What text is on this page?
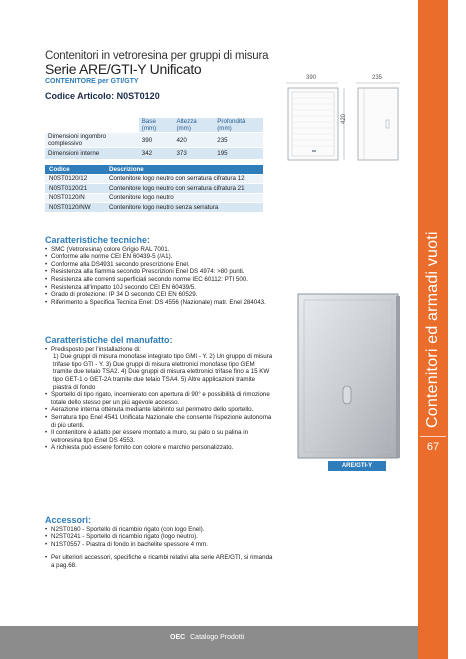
Contenitori in vetroresina per gruppi di misura
Serie ARE/GTI-Y Unificato
CONTENITORE per GTI/GTY
Codice Articolo: N0ST0120
	Base (mm)	Altezza (mm)	Profondità (mm)
Dimensioni ingombro complessivo	390	420	235
Dimensioni interne	342	373	195
Codice	Descrizione
N0ST0120/12	Contenitore logo neutro con serratura cifratura 12
N0ST0120/21	Contenitore logo neutro con serratura cifratura 21
N0ST0120/N	Contenitore logo neutro
N0ST0120/NW	Contenitore logo neutro senza serratura
Caratteristiche tecniche:
• SMC (Vetroresina) colore Grigio RAL 7001.
• Conforme alle norme CEI EN 60439-5 (/A1).
• Conforme alla DS4931 secondo prescrizione Enel.
• Resistenza alla fiamma secondo Prescrizioni Enel DS 4974: >80 punti.
• Resistenza alle correnti superficiali secondo norme IEC 60112: PTI 500.
• Resistenza all'impatto 10J secondo CEI EN 60439/5.
• Grado di protezione: IP 34 D secondo CEI EN 60529.
• Riferimento a Specifica Tecnica Enel: DS 4556 (Nazionale) matr. Enel 284043.
Caratteristiche del manufatto:
• Predisposto per l'installazione di:
1) Due gruppi di misura monofase integrato tipo GMI - Y. 2) Un gruppo di misura trifase tipo GTI - Y. 3) Due gruppi di misura elettronici monofase tipo GEM tramite due telaio TSA2. 4) Due gruppi di misura elettronici trifase fino a 15 KW tipo GET-1 o GET-2A tramite due telaio TSA4. 5) Altre applicazioni tramite piastra di fondo
• Sportello di tipo rigato, incernierato con apertura di 90° e possibilità di rimozione totale dello stesso per un più agevole accesso.
• Aerazione interna ottenuta mediante labirinto sul perimetro dello sportello.
• Serratura tipo Enel 4541 Unificata Nazionale che consente l'ispezione autonoma di più utenti.
• Il contenitore è adatto per essere montato a muro, su palo o su palina in vetroresina tipo Enel DS 4553.
• A richiesta può essere fornito con colore e marchio personalizzato.
Accessori:
• N2ST0160 - Sportello di ricambio rigato (con logo Enel).
• N2ST0241 - Sportello di ricambio rigato (logo neutro).
• N1ST0557 - Piastra di fondo in bachelite spessore 4 mm.
• Per ulteriori accessori, specifiche e ricambi relativi alla serie ARE/GTI, si rimanda a pag.68.
390	235
420
ARE/GTI-Y
Contenitori ed armadi vuoti
67
OEC Catalogo Prodotti
